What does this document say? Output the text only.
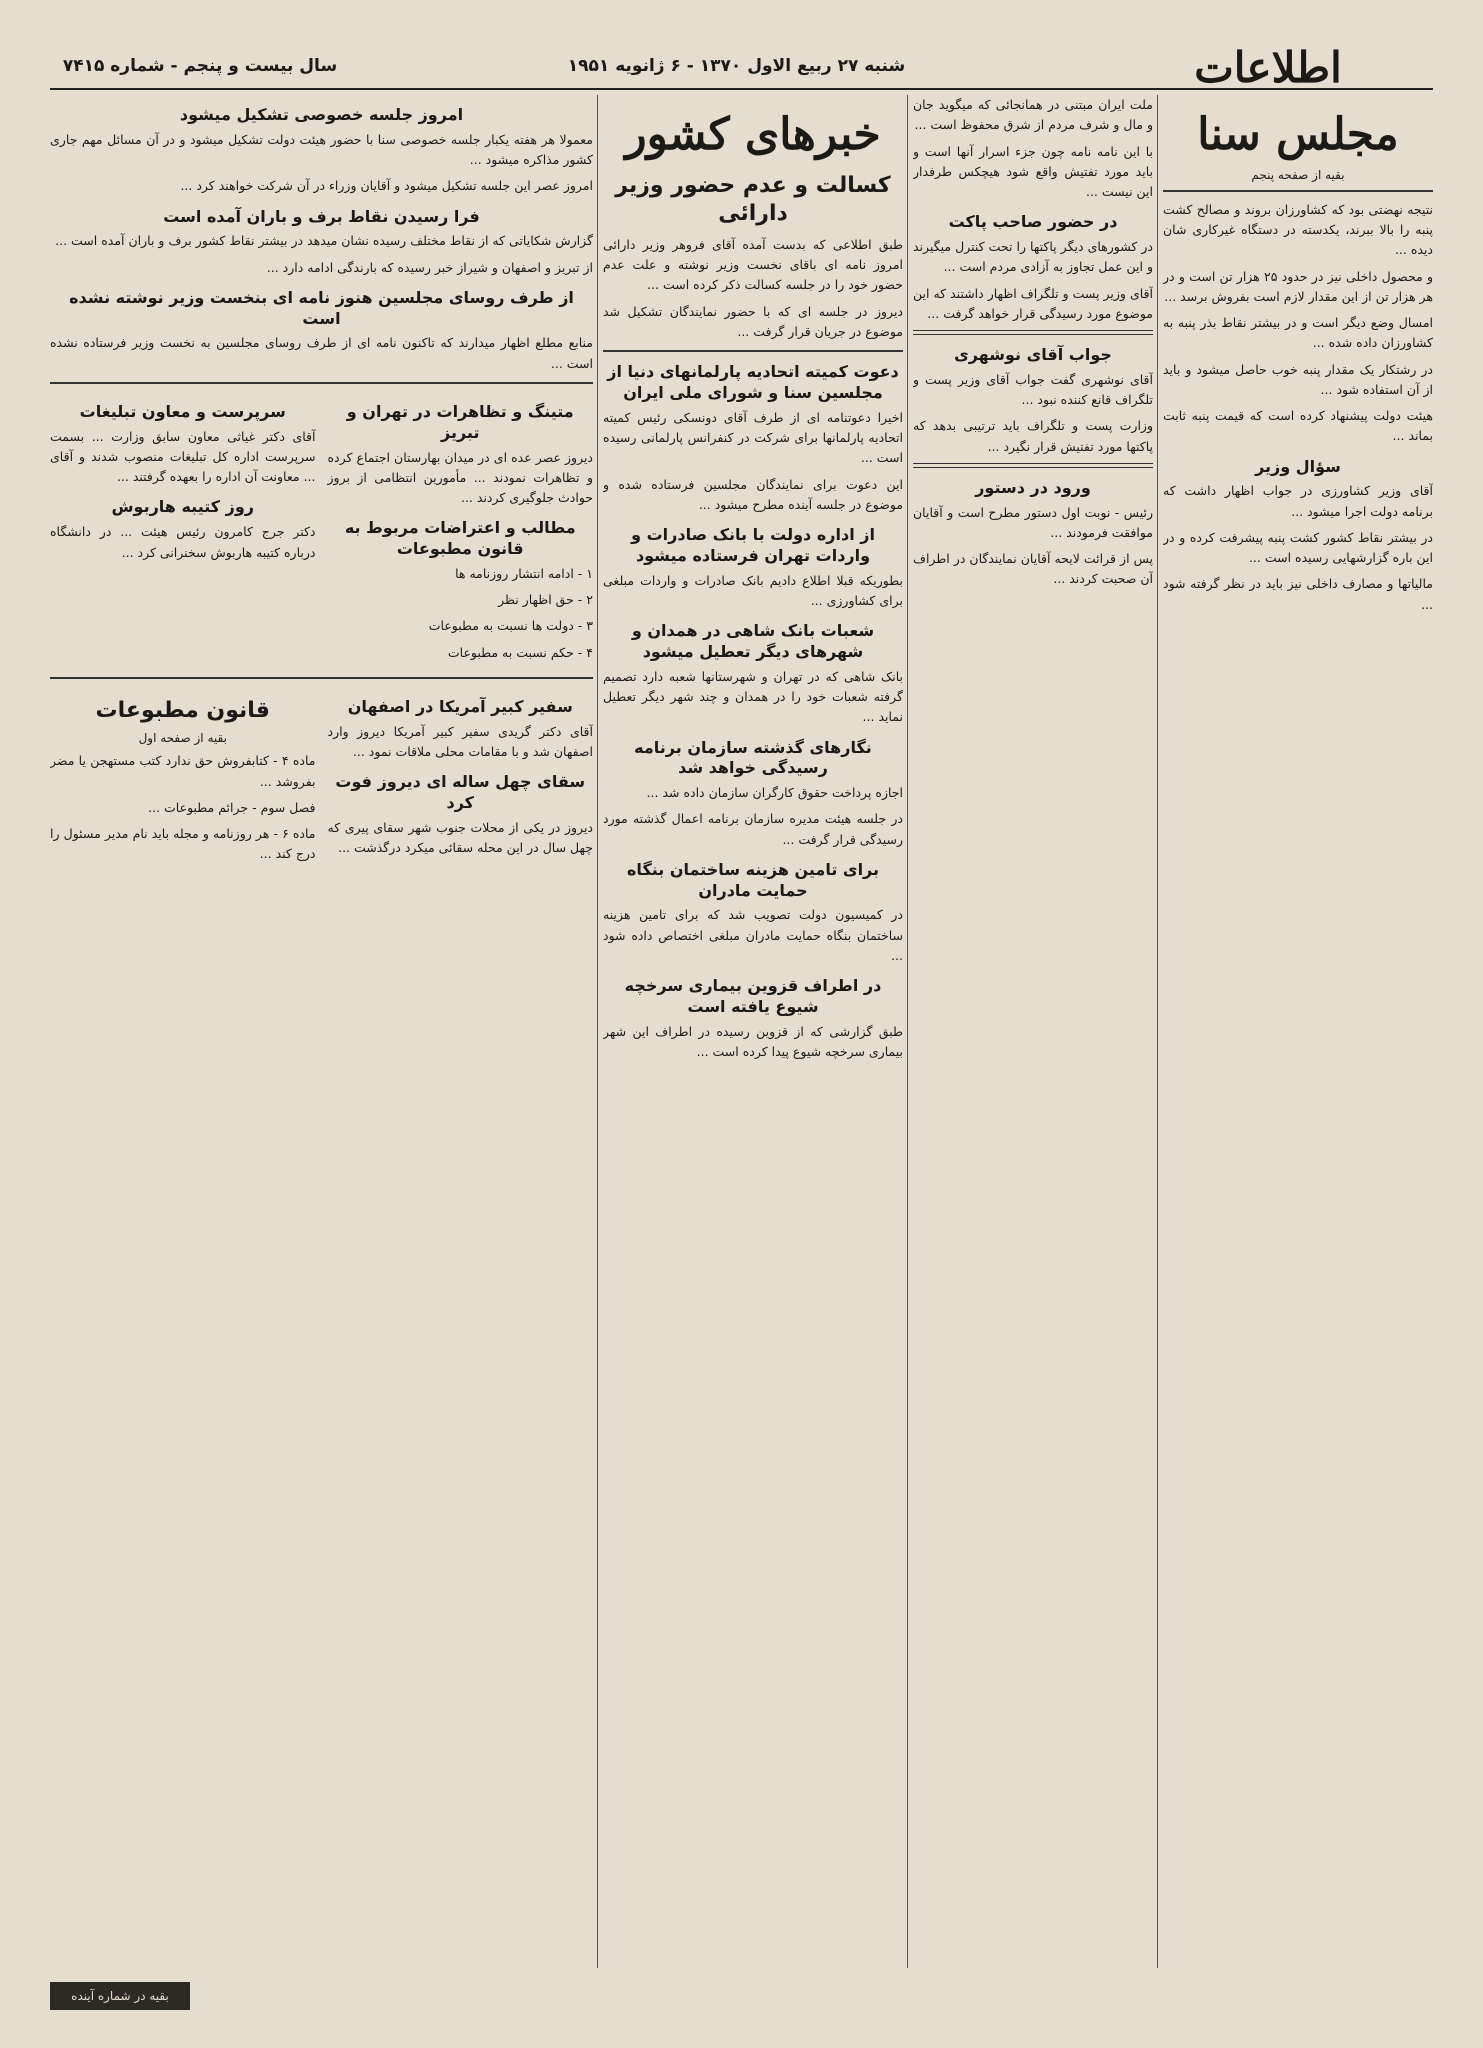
اطلاعات
شنبه ۲۷ ربیع الاول ۱۳۷۰ - ۶ ژانویه ۱۹۵۱
سال بیست و پنجم - شماره ۷۴۱۵
مجلس سنا
بقیه از صفحه پنجم

نتیجه نهضتی بود که کشاورزان بروند و مصالح کشت پنبه را بالا ببرند، یکدسته در دستگاه غیرکاری شان دیده ...

و محصول داخلی نیز در حدود ۲۵ هزار تن است و در هر هزار تن از این مقدار لازم است بفروش برسد ...

امسال وضع دیگر است و در بیشتر نقاط بذر پنبه به کشاورزان داده شده ...

در رشتکار یک مقدار پنبه خوب حاصل میشود و باید از آن استفاده شود ...

هیئت دولت پیشنهاد کرده است که قیمت پنبه ثابت بماند ...

سؤال وزیر

آقای وزیر کشاورزی در جواب اظهار داشت که برنامه دولت اجرا میشود ...

در بیشتر نقاط کشور کشت پنبه پیشرفت کرده و در این باره گزارشهایی رسیده است ...

مالیاتها و مصارف داخلی نیز باید در نظر گرفته شود ...

ملت ایران مبتنی در همانجائی که میگوید جان و مال و شرف مردم از شرق محفوظ است ...

با این نامه نامه چون جزء اسرار آنها است و باید مورد تفتیش واقع شود هیچکس طرفدار این نیست ...

در حضور صاحب پاکت

در کشورهای دیگر پاکتها را تحت کنترل میگیرند و این عمل تجاوز به آزادی مردم است ...

آقای وزیر پست و تلگراف اظهار داشتند که این موضوع مورد رسیدگی قرار خواهد گرفت ...

جواب آقای نوشهری

آقای نوشهری گفت جواب آقای وزیر پست و تلگراف قانع کننده نبود ...

وزارت پست و تلگراف باید ترتیبی بدهد که پاکتها مورد تفتیش قرار نگیرد ...

ورود در دستور

رئیس - نوبت اول دستور مطرح است و آقایان موافقت فرمودند ...

پس از قرائت لایحه آقایان نمایندگان در اطراف آن صحبت کردند ...

خبرهای کشور
کسالت و عدم حضور وزیر دارائی

طبق اطلاعی که بدست آمده آقای فروهر وزیر دارائی امروز نامه ای باقای نخست وزیر نوشته و علت عدم حضور خود را در جلسه کسالت ذکر کرده است ...

دیروز در جلسه ای که با حضور نمایندگان تشکیل شد موضوع در جریان قرار گرفت ...

دعوت کمیته اتحادیه پارلمانهای دنیا از مجلسین سنا و شورای ملی ایران

اخیرا دعوتنامه ای از طرف آقای دونسکی رئیس کمیته اتحادیه پارلمانها برای شرکت در کنفرانس پارلمانی رسیده است ...

این دعوت برای نمایندگان مجلسین فرستاده شده و موضوع در جلسه آینده مطرح میشود ...

از اداره دولت با بانک صادرات و واردات تهران فرستاده میشود

بطوریکه قبلا اطلاع دادیم بانک صادرات و واردات مبلغی برای کشاورزی ...

شعبات بانک شاهی در همدان و شهرهای دیگر تعطیل میشود

بانک شاهی که در تهران و شهرستانها شعبه دارد تصمیم گرفته شعبات خود را در همدان و چند شهر دیگر تعطیل نماید ...

نگارهای گذشته سازمان برنامه رسیدگی خواهد شد

اجازه پرداخت حقوق کارگران سازمان داده شد ...

در جلسه هیئت مدیره سازمان برنامه اعمال گذشته مورد رسیدگی قرار گرفت ...

برای تامین هزینه ساختمان بنگاه حمایت مادران

در کمیسیون دولت تصویب شد که برای تامین هزینه ساختمان بنگاه حمایت مادران مبلغی اختصاص داده شود ...

در اطراف قزوین بیماری سرخچه شیوع یافته است

طبق گزارشی که از قزوین رسیده در اطراف این شهر بیماری سرخچه شیوع پیدا کرده است ...

امروز جلسه خصوصی تشکیل میشود

معمولا هر هفته یکبار جلسه خصوصی سنا با حضور هیئت دولت تشکیل میشود و در آن مسائل مهم جاری کشور مذاکره میشود ...

امروز عصر این جلسه تشکیل میشود و آقایان وزراء در آن شرکت خواهند کرد ...

فرا رسیدن نقاط برف و باران آمده است

گزارش شکایاتی که از نقاط مختلف رسیده نشان میدهد در بیشتر نقاط کشور برف و باران آمده است ...

از تبریز و اصفهان و شیراز خبر رسیده که بارندگی ادامه دارد ...

از طرف روسای مجلسین هنوز نامه ای بنخست وزیر نوشته نشده است

منابع مطلع اظهار میدارند که تاکنون نامه ای از طرف روسای مجلسین به نخست وزیر فرستاده نشده است ...

متینگ و تظاهرات در تهران و تبریز

دیروز عصر عده ای در میدان بهارستان اجتماع کرده و تظاهرات نمودند ... مأمورین انتظامی از بروز حوادث جلوگیری کردند ...

مطالب و اعتراضات مربوط به قانون مطبوعات

۱ - ادامه انتشار روزنامه ها

۲ - حق اظهار نظر

۳ - دولت ها نسبت به مطبوعات

۴ - حکم نسبت به مطبوعات

سرپرست و معاون تبلیغات

آقای دکتر غیاثی معاون سابق وزارت ... بسمت سرپرست اداره کل تبلیغات منصوب شدند و آقای ... معاونت آن اداره را بعهده گرفتند ...

روز کتیبه هاربوش

دکتر جرج کامرون رئیس هیئت ... در دانشگاه درباره کتیبه هاربوش سخنرانی کرد ...

سفیر کبیر آمریکا در اصفهان

آقای دکتر گریدی سفیر کبیر آمریکا دیروز وارد اصفهان شد و با مقامات محلی ملاقات نمود ...

سقای چهل ساله ای دیروز فوت کرد

دیروز در یکی از محلات جنوب شهر سقای پیری که چهل سال در این محله سقائی میکرد درگذشت ...

قانون مطبوعات
بقیه از صفحه اول

ماده ۴ - کتابفروش حق ندارد کتب مستهجن یا مضر بفروشد ...

فصل سوم - جرائم مطبوعات ...

ماده ۶ - هر روزنامه و مجله باید نام مدیر مسئول را درج کند ...

بقیه در شماره آینده
